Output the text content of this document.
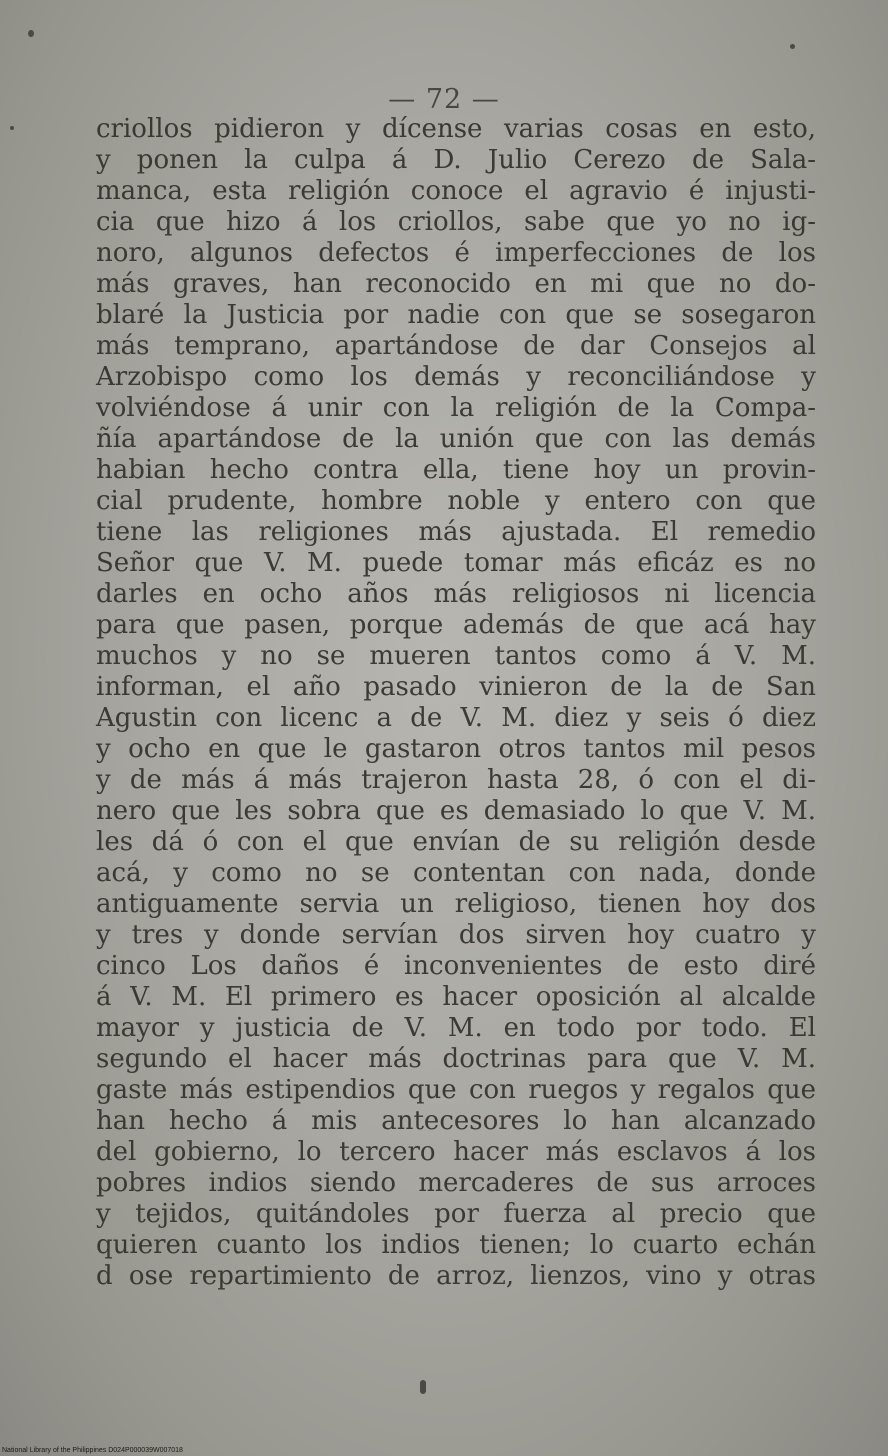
— 72 —
criollos pidieron y dícense varias cosas en esto,
y ponen la culpa á D. Julio Cerezo de Sala-
manca, esta religión conoce el agravio é injusti-
cia que hizo á los criollos, sabe que yo no ig-
noro, algunos defectos é imperfecciones de los
más graves, han reconocido en mi que no do-
blaré la Justicia por nadie con que se sosegaron
más temprano, apartándose de dar Consejos al
Arzobispo como los demás y reconciliándose y
volviéndose á unir con la religión de la Compa-
ñía apartándose de la unión que con las demás
habian hecho contra ella, tiene hoy un provin-
cial prudente, hombre noble y entero con que
tiene las religiones más ajustada. El remedio
Señor que V. M. puede tomar más eficáz es no
darles en ocho años más religiosos ni licencia
para que pasen, porque además de que acá hay
muchos y no se mueren tantos como á V. M.
informan, el año pasado vinieron de la de San
Agustin con licenc a de V. M. diez y seis ó diez
y ocho en que le gastaron otros tantos mil pesos
y de más á más trajeron hasta 28, ó con el di-
nero que les sobra que es demasiado lo que V. M.
les dá ó con el que envían de su religión desde
acá, y como no se contentan con nada, donde
antiguamente servia un religioso, tienen hoy dos
y tres y donde servían dos sirven hoy cuatro y
cinco Los daños é inconvenientes de esto diré
á V. M. El primero es hacer oposición al alcalde
mayor y justicia de V. M. en todo por todo. El
segundo el hacer más doctrinas para que V. M.
gaste más estipendios que con ruegos y regalos que
han hecho á mis antecesores lo han alcanzado
del gobierno, lo tercero hacer más esclavos á los
pobres indios siendo mercaderes de sus arroces
y tejidos, quitándoles por fuerza al precio que
quieren cuanto los indios tienen; lo cuarto echán
d ose repartimiento de arroz, lienzos, vino y otras
National Library of the Philippines D024P000039W007018
